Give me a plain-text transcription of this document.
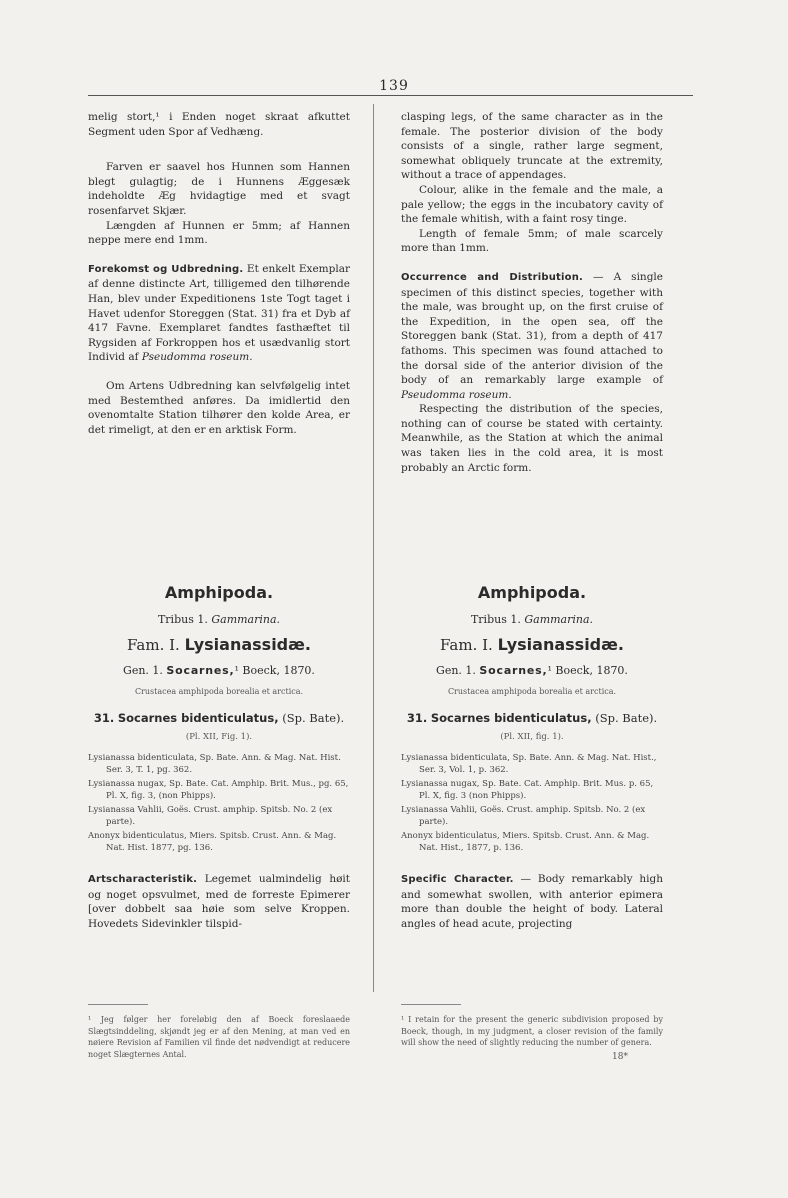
139

melig stort,¹ i Enden noget skraat afkuttet Segment uden Spor af Vedhæng.

Farven er saavel hos Hunnen som Hannen blegt gulagtig; de i Hunnens Æggesæk indeholdte Æg hvidagtige med et svagt rosenfarvet Skjær.

Længden af Hunnen er 5mm; af Hannen neppe mere end 1mm.

Forekomst og Udbredning. Et enkelt Exemplar af denne distincte Art, tilligemed den tilhørende Han, blev under Expeditionens 1ste Togt taget i Havet udenfor Storeggen (Stat. 31) fra et Dyb af 417 Favne. Exemplaret fandtes fasthæftet til Rygsiden af Forkroppen hos et usædvanlig stort Individ af Pseudomma roseum.

Om Artens Udbredning kan selvfølgelig intet med Bestemthed anføres. Da imidlertid den ovenomtalte Station tilhører den kolde Area, er det rimeligt, at den er en arktisk Form.

clasping legs, of the same character as in the female. The posterior division of the body consists of a single, rather large segment, somewhat obliquely truncate at the extremity, without a trace of appendages.

Colour, alike in the female and the male, a pale yellow; the eggs in the incubatory cavity of the female whitish, with a faint rosy tinge.

Length of female 5mm; of male scarcely more than 1mm.

Occurrence and Distribution. — A single specimen of this distinct species, together with the male, was brought up, on the first cruise of the Expedition, in the open sea, off the Storeggen bank (Stat. 31), from a depth of 417 fathoms. This specimen was found attached to the dorsal side of the anterior division of the body of an remarkably large example of Pseudomma roseum.

Respecting the distribution of the species, nothing can of course be stated with certainty. Meanwhile, as the Station at which the animal was taken lies in the cold area, it is most probably an Arctic form.

Amphipoda.
Tribus 1. Gammarina.
Fam. I. Lysianassidæ.
Gen. 1. Socarnes,¹ Boeck, 1870.
Crustacea amphipoda borealia et arctica.
31. Socarnes bidenticulatus, (Sp. Bate).
(Pl. XII, Fig. 1).
Lysianassa bidenticulata, Sp. Bate. Ann. & Mag. Nat. Hist. Ser. 3, T. 1, pg. 362.
Lysianassa nugax, Sp. Bate. Cat. Amphip. Brit. Mus., pg. 65, Pl. X, fig. 3, (non Phipps).
Lysianassa Vahlii, Goës. Crust. amphip. Spitsb. No. 2 (ex parte).
Anonyx bidenticulatus, Miers. Spitsb. Crust. Ann. & Mag. Nat. Hist. 1877, pg. 136.

Artscharacteristik. Legemet ualmindelig høit og noget opsvulmet, med de forreste Epimerer [over dobbelt saa høie som selve Kroppen. Hovedets Sidevinkler tilspid-

Amphipoda.
Tribus 1. Gammarina.
Fam. I. Lysianassidæ.
Gen. 1. Socarnes,¹ Boeck, 1870.
Crustacea amphipoda borealia et arctica.
31. Socarnes bidenticulatus, (Sp. Bate).
(Pl. XII, fig. 1).
Lysianassa bidenticulata, Sp. Bate. Ann. & Mag. Nat. Hist., Ser. 3, Vol. 1, p. 362.
Lysianassa nugax, Sp. Bate. Cat. Amphip. Brit. Mus. p. 65, Pl. X, fig. 3 (non Phipps).
Lysianassa Vahlii, Goës. Crust. amphip. Spitsb. No. 2 (ex parte).
Anonyx bidenticulatus, Miers. Spitsb. Crust. Ann. & Mag. Nat. Hist., 1877, p. 136.

Specific Character. — Body remarkably high and somewhat swollen, with anterior epimera more than double the height of body. Lateral angles of head acute, projecting

¹ Jeg følger her foreløbig den af Boeck foreslaaede Slægtsinddeling, skjøndt jeg er af den Mening, at man ved en nøiere Revision af Familien vil finde det nødvendigt at reducere noget Slægternes Antal.
¹ I retain for the present the generic subdivision proposed by Boeck, though, in my judgment, a closer revision of the family will show the need of slightly reducing the number of genera.
18*
